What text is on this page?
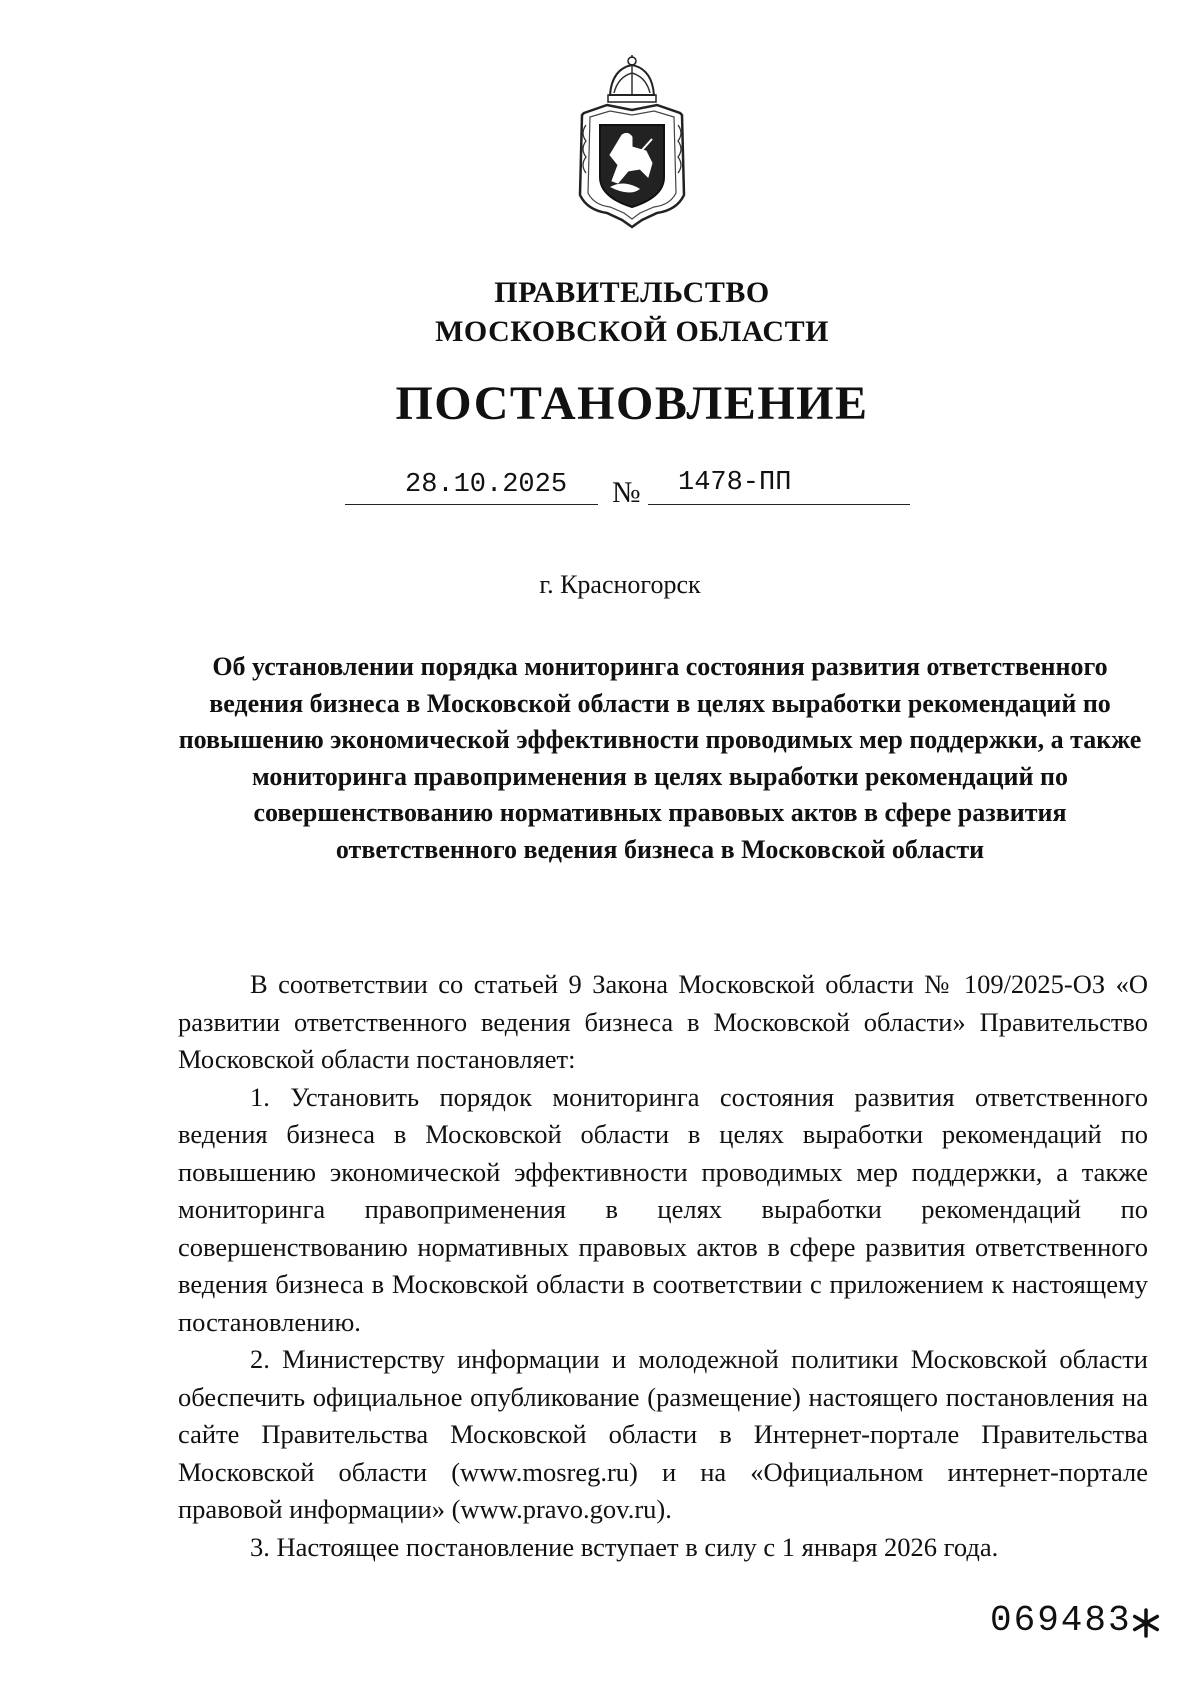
ПРАВИТЕЛЬСТВО
МОСКОВСКОЙ ОБЛАСТИ
ПОСТАНОВЛЕНИЕ
28.10.2025 № 1478-ПП
г. Красногорск
Об установлении порядка мониторинга состояния развития ответственного ведения бизнеса в Московской области в целях выработки рекомендаций по повышению экономической эффективности проводимых мер поддержки, а также мониторинга правоприменения в целях выработки рекомендаций по совершенствованию нормативных правовых актов в сфере развития ответственного ведения бизнеса в Московской области

В соответствии со статьей 9 Закона Московской области № 109/2025-ОЗ «О развитии ответственного ведения бизнеса в Московской области» Правительство Московской области постановляет:

1. Установить порядок мониторинга состояния развития ответственного ведения бизнеса в Московской области в целях выработки рекомендаций по повышению экономической эффективности проводимых мер поддержки, а также мониторинга правоприменения в целях выработки рекомендаций по совершенствованию нормативных правовых актов в сфере развития ответственного ведения бизнеса в Московской области в соответствии с приложением к настоящему постановлению.

2. Министерству информации и молодежной политики Московской области обеспечить официальное опубликование (размещение) настоящего постановления на сайте Правительства Московской области в Интернет-портале Правительства Московской области (www.mosreg.ru) и на «Официальном интернет-портале правовой информации» (www.pravo.gov.ru).

3. Настоящее постановление вступает в силу с 1 января 2026 года.

069483
